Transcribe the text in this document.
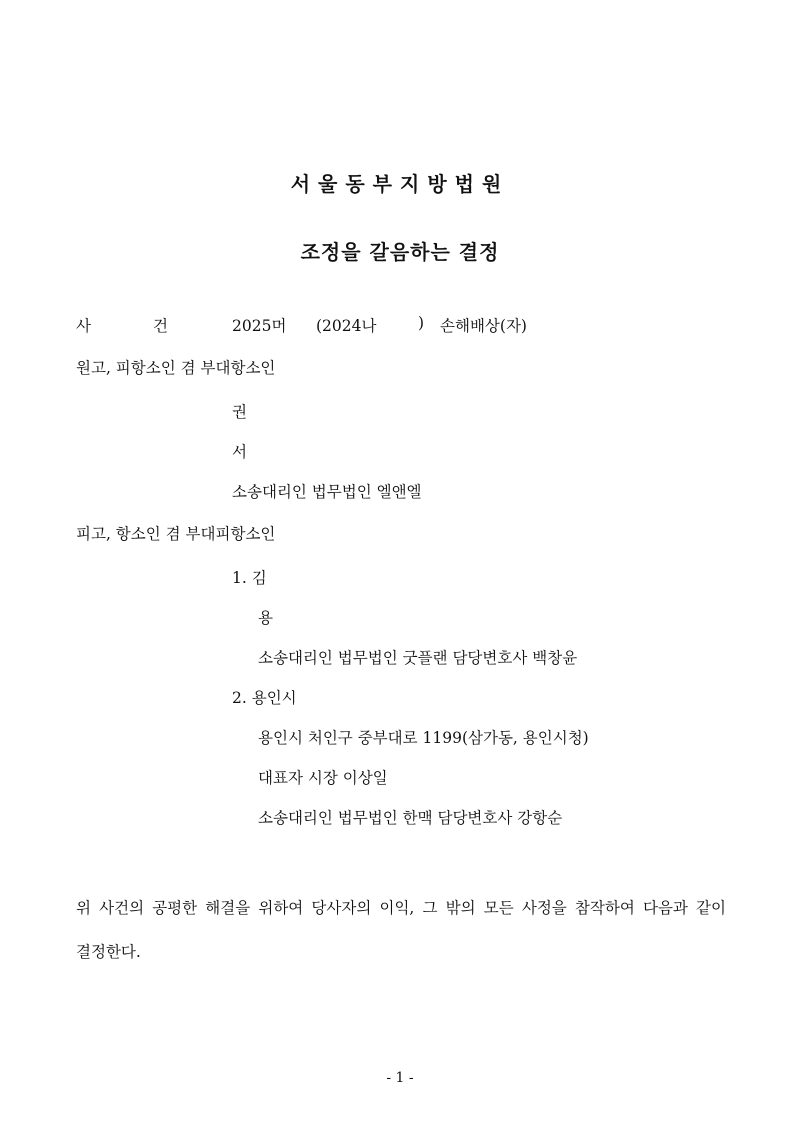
서울동부지방법원
조정을 갈음하는 결정
사	건	2025머 (2024나	) 손해배상(자)
원고, 피항소인 겸 부대항소인
권
서
소송대리인 법무법인 엘앤엘
피고, 항소인 겸 부대피항소인
1. 김
용
소송대리인 법무법인 굿플랜 담당변호사 백창윤
2. 용인시
용인시 처인구 중부대로 1199(삼가동, 용인시청)
대표자 시장 이상일
소송대리인 법무법인 한맥 담당변호사 강항순
위 사건의 공평한 해결을 위하여 당사자의 이익, 그 밖의 모든 사정을 참작하여 다음과 같이 결정한다.
- 1 -
